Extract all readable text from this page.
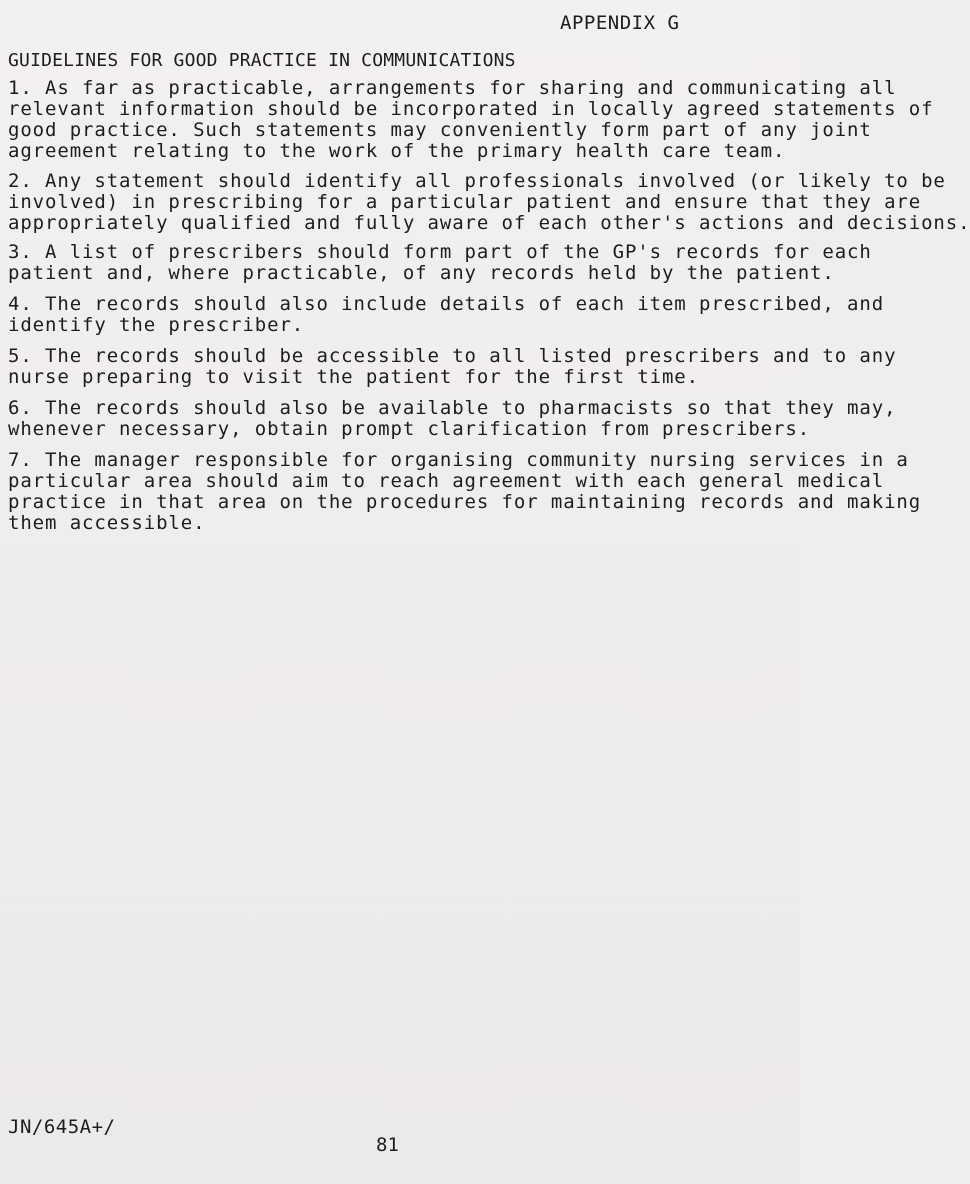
APPENDIX G
GUIDELINES FOR GOOD PRACTICE IN COMMUNICATIONS
1. As far as practicable, arrangements for sharing and communicating all
relevant information should be incorporated in locally agreed statements of
good practice. Such statements may conveniently form part of any joint
agreement relating to the work of the primary health care team.
2. Any statement should identify all professionals involved (or likely to be
involved) in prescribing for a particular patient and ensure that they are
appropriately qualified and fully aware of each other's actions and decisions.
3. A list of prescribers should form part of the GP's records for each
patient and, where practicable, of any records held by the patient.
4. The records should also include details of each item prescribed, and
identify the prescriber.
5. The records should be accessible to all listed prescribers and to any
nurse preparing to visit the patient for the first time.
6. The records should also be available to pharmacists so that they may,
whenever necessary, obtain prompt clarification from prescribers.
7. The manager responsible for organising community nursing services in a
particular area should aim to reach agreement with each general medical
practice in that area on the procedures for maintaining records and making
them accessible.
JN/645A+/
81
